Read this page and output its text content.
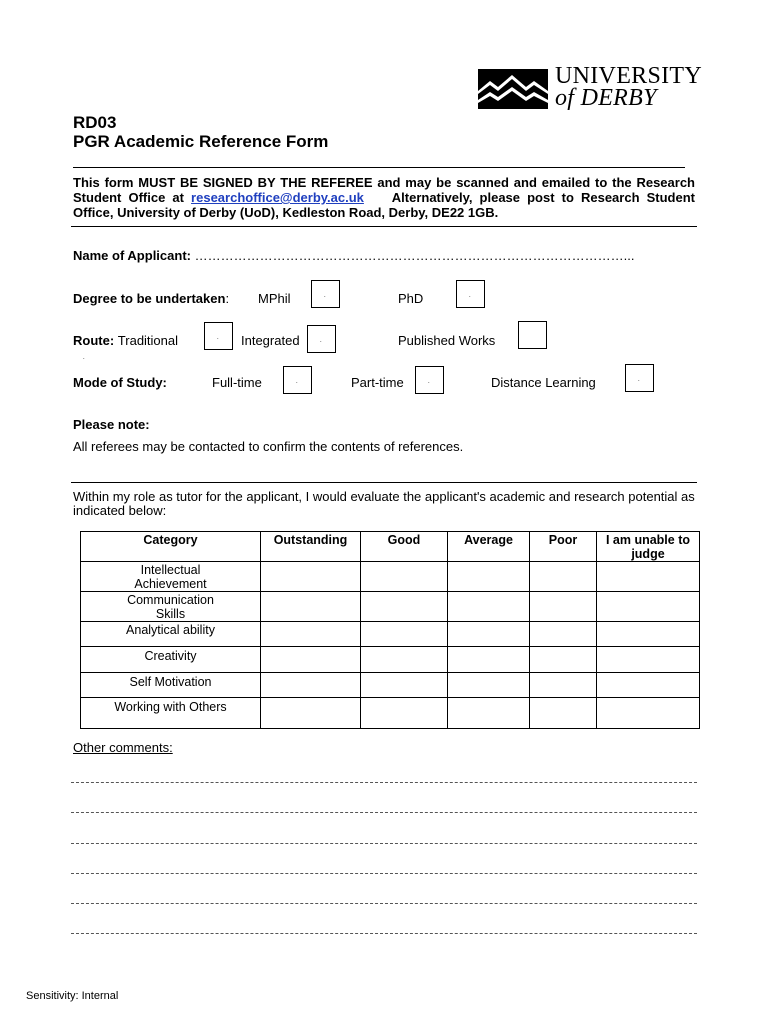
UNIVERSITY
of DERBY
RD03
PGR Academic Reference Form
This form MUST BE SIGNED BY THE REFEREE and may be scanned and emailed to the Research Student Office at researchoffice@derby.ac.uk    Alternatively, please post to Research Student Office, University of Derby (UoD), Kedleston Road, Derby, DE22 1GB.
Name of Applicant: ………………………………………………………………………………………...
Degree to be undertaken: MPhil	.	PhD	.
Route: Traditional	. Integrated	.	Published Works
.
Mode of Study:	Full-time	.	Part-time	.	Distance Learning	.
Please note:
All referees may be contacted to confirm the contents of references.
Within my role as tutor for the applicant, I would evaluate the applicant's academic and research potential as indicated below:
Category	Outstanding	Good	Average	Poor	I am unable to judge
Intellectual Achievement					
Communication Skills					
Analytical ability					
Creativity					
Self Motivation					
Working with Others					
Other comments:
Sensitivity: Internal
